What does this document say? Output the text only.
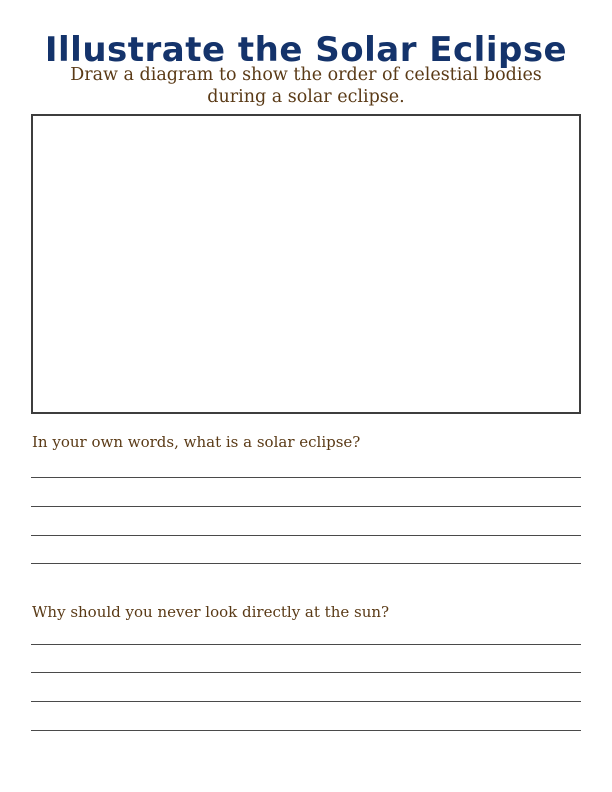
Illustrate the Solar Eclipse

Draw a diagram to show the order of celestial bodies
during a solar eclipse.

In your own words, what is a solar eclipse?

Why should you never look directly at the sun?
